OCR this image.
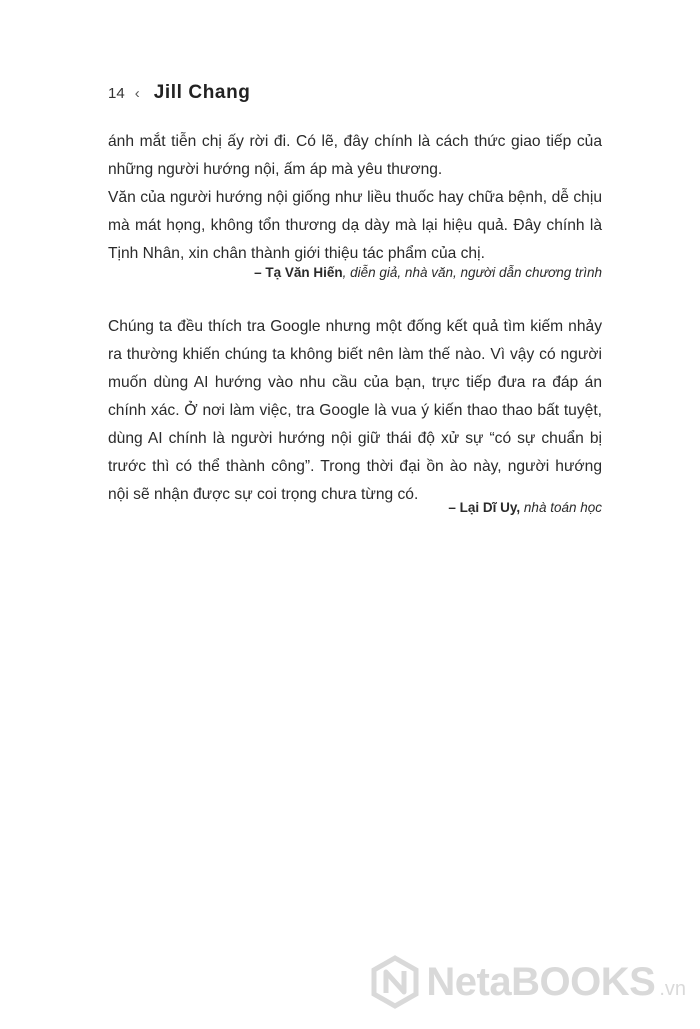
14 ‹ Jill Chang

ánh mắt tiễn chị ấy rời đi. Có lẽ, đây chính là cách thức giao tiếp của những người hướng nội, ấm áp mà yêu thương.

Văn của người hướng nội giống như liều thuốc hay chữa bệnh, dễ chịu mà mát họng, không tổn thương dạ dày mà lại hiệu quả. Đây chính là Tịnh Nhân, xin chân thành giới thiệu tác phẩm của chị.

– Tạ Văn Hiến, diễn giả, nhà văn, người dẫn chương trình

Chúng ta đều thích tra Google nhưng một đống kết quả tìm kiếm nhảy ra thường khiến chúng ta không biết nên làm thế nào. Vì vậy có người muốn dùng AI hướng vào nhu cầu của bạn, trực tiếp đưa ra đáp án chính xác. Ở nơi làm việc, tra Google là vua ý kiến thao thao bất tuyệt, dùng AI chính là người hướng nội giữ thái độ xử sự “có sự chuẩn bị trước thì có thể thành công”. Trong thời đại ồn ào này, người hướng nội sẽ nhận được sự coi trọng chưa từng có.

– Lại Dĩ Uy, nhà toán học

NetaBOOKS .vn
